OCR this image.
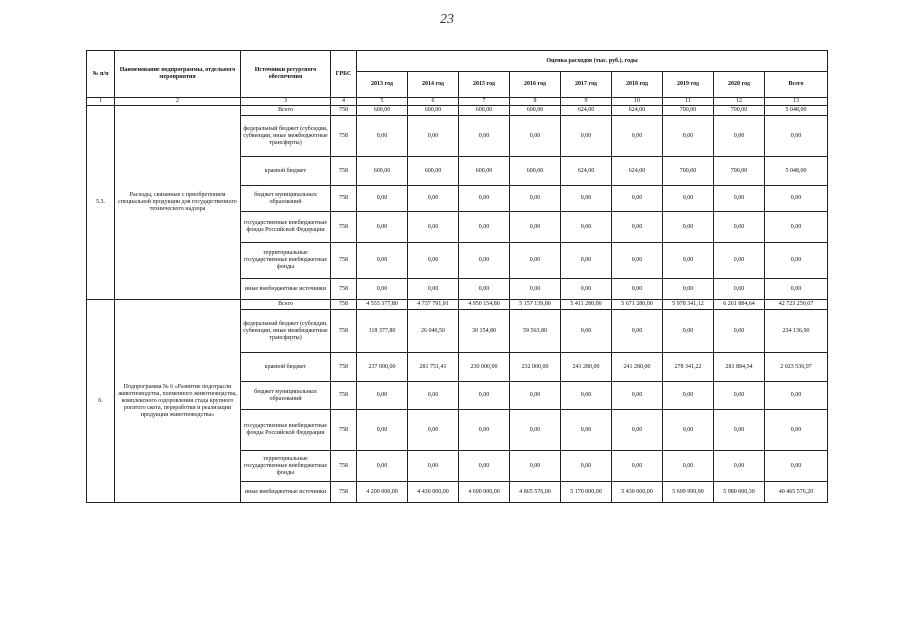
23
№ п/п	Наименование подпрограммы, отдельного мероприятия	Источники ресурсного обеспечения	ГРБС	Оценка расходов (тыс. руб.), годы								
				2013 год	2014 год	2015 год	2016 год	2017 год	2018 год	2019 год	2020 год	Всего
1	2	3	4	5	6	7	8	9	10	11	12	13
5.3.	Расходы, связанные с приобретением специальной продукции для государственного технического надзора	Всего	758	600,00	600,00	600,00	600,00	624,00	624,00	700,00	700,00	5 048,00
		федеральный бюджет (субсидии, субвенции, иные межбюджетные трансферты)	758	0,00	0,00	0,00	0,00	0,00	0,00	0,00	0,00	0,00
		краевой бюджет	758	600,00	600,00	600,00	600,00	624,00	624,00	700,00	700,00	5 048,00
		бюджет муниципальных образований	758	0,00	0,00	0,00	0,00	0,00	0,00	0,00	0,00	0,00
		государственные внебюджетные фонды Российской Федерации	758	0,00	0,00	0,00	0,00	0,00	0,00	0,00	0,00	0,00
		территориальные государственные внебюджетные фонды	758	0,00	0,00	0,00	0,00	0,00	0,00	0,00	0,00	0,00
		иные внебюджетные источники	758	0,00	0,00	0,00	0,00	0,00	0,00	0,00	0,00	0,00
6.	Подпрограмма № 6 «Развитие подотрасли животноводства, племенного животноводства, комплексного оздоровления стада крупного рогатого скота, переработки и реализации продукции животноводства»	Всего	758	4 555 377,80	4 737 791,91	4 950 154,80	5 157 139,80	5 411 280,00	5 671 280,00	5 978 341,12	6 261 884,64	42 723 250,07
		федеральный бюджет (субсидии, субвенции, иные межбюджетные трансферты)	758	118 377,80	26 040,50	30 154,80	59 563,80	0,00	0,00	0,00	0,00	234 136,90
		краевой бюджет	758	237 000,00	281 751,41	230 000,00	232 000,00	241 280,00	241 280,00	278 341,22	281 884,34	2 023 536,97
		бюджет муниципальных образований	758	0,00	0,00	0,00	0,00	0,00	0,00	0,00	0,00	0,00
		государственные внебюджетные фонды Российской Федерации	758	0,00	0,00	0,00	0,00	0,00	0,00	0,00	0,00	0,00
		территориальные государственные внебюджетные фонды	758	0,00	0,00	0,00	0,00	0,00	0,00	0,00	0,00	0,00
		иные внебюджетные источники	758	4 200 000,00	4 430 000,00	4 690 000,00	4 865 576,00	5 170 000,00	5 430 000,00	5 699 999,90	5 980 000,30	40 465 576,20
